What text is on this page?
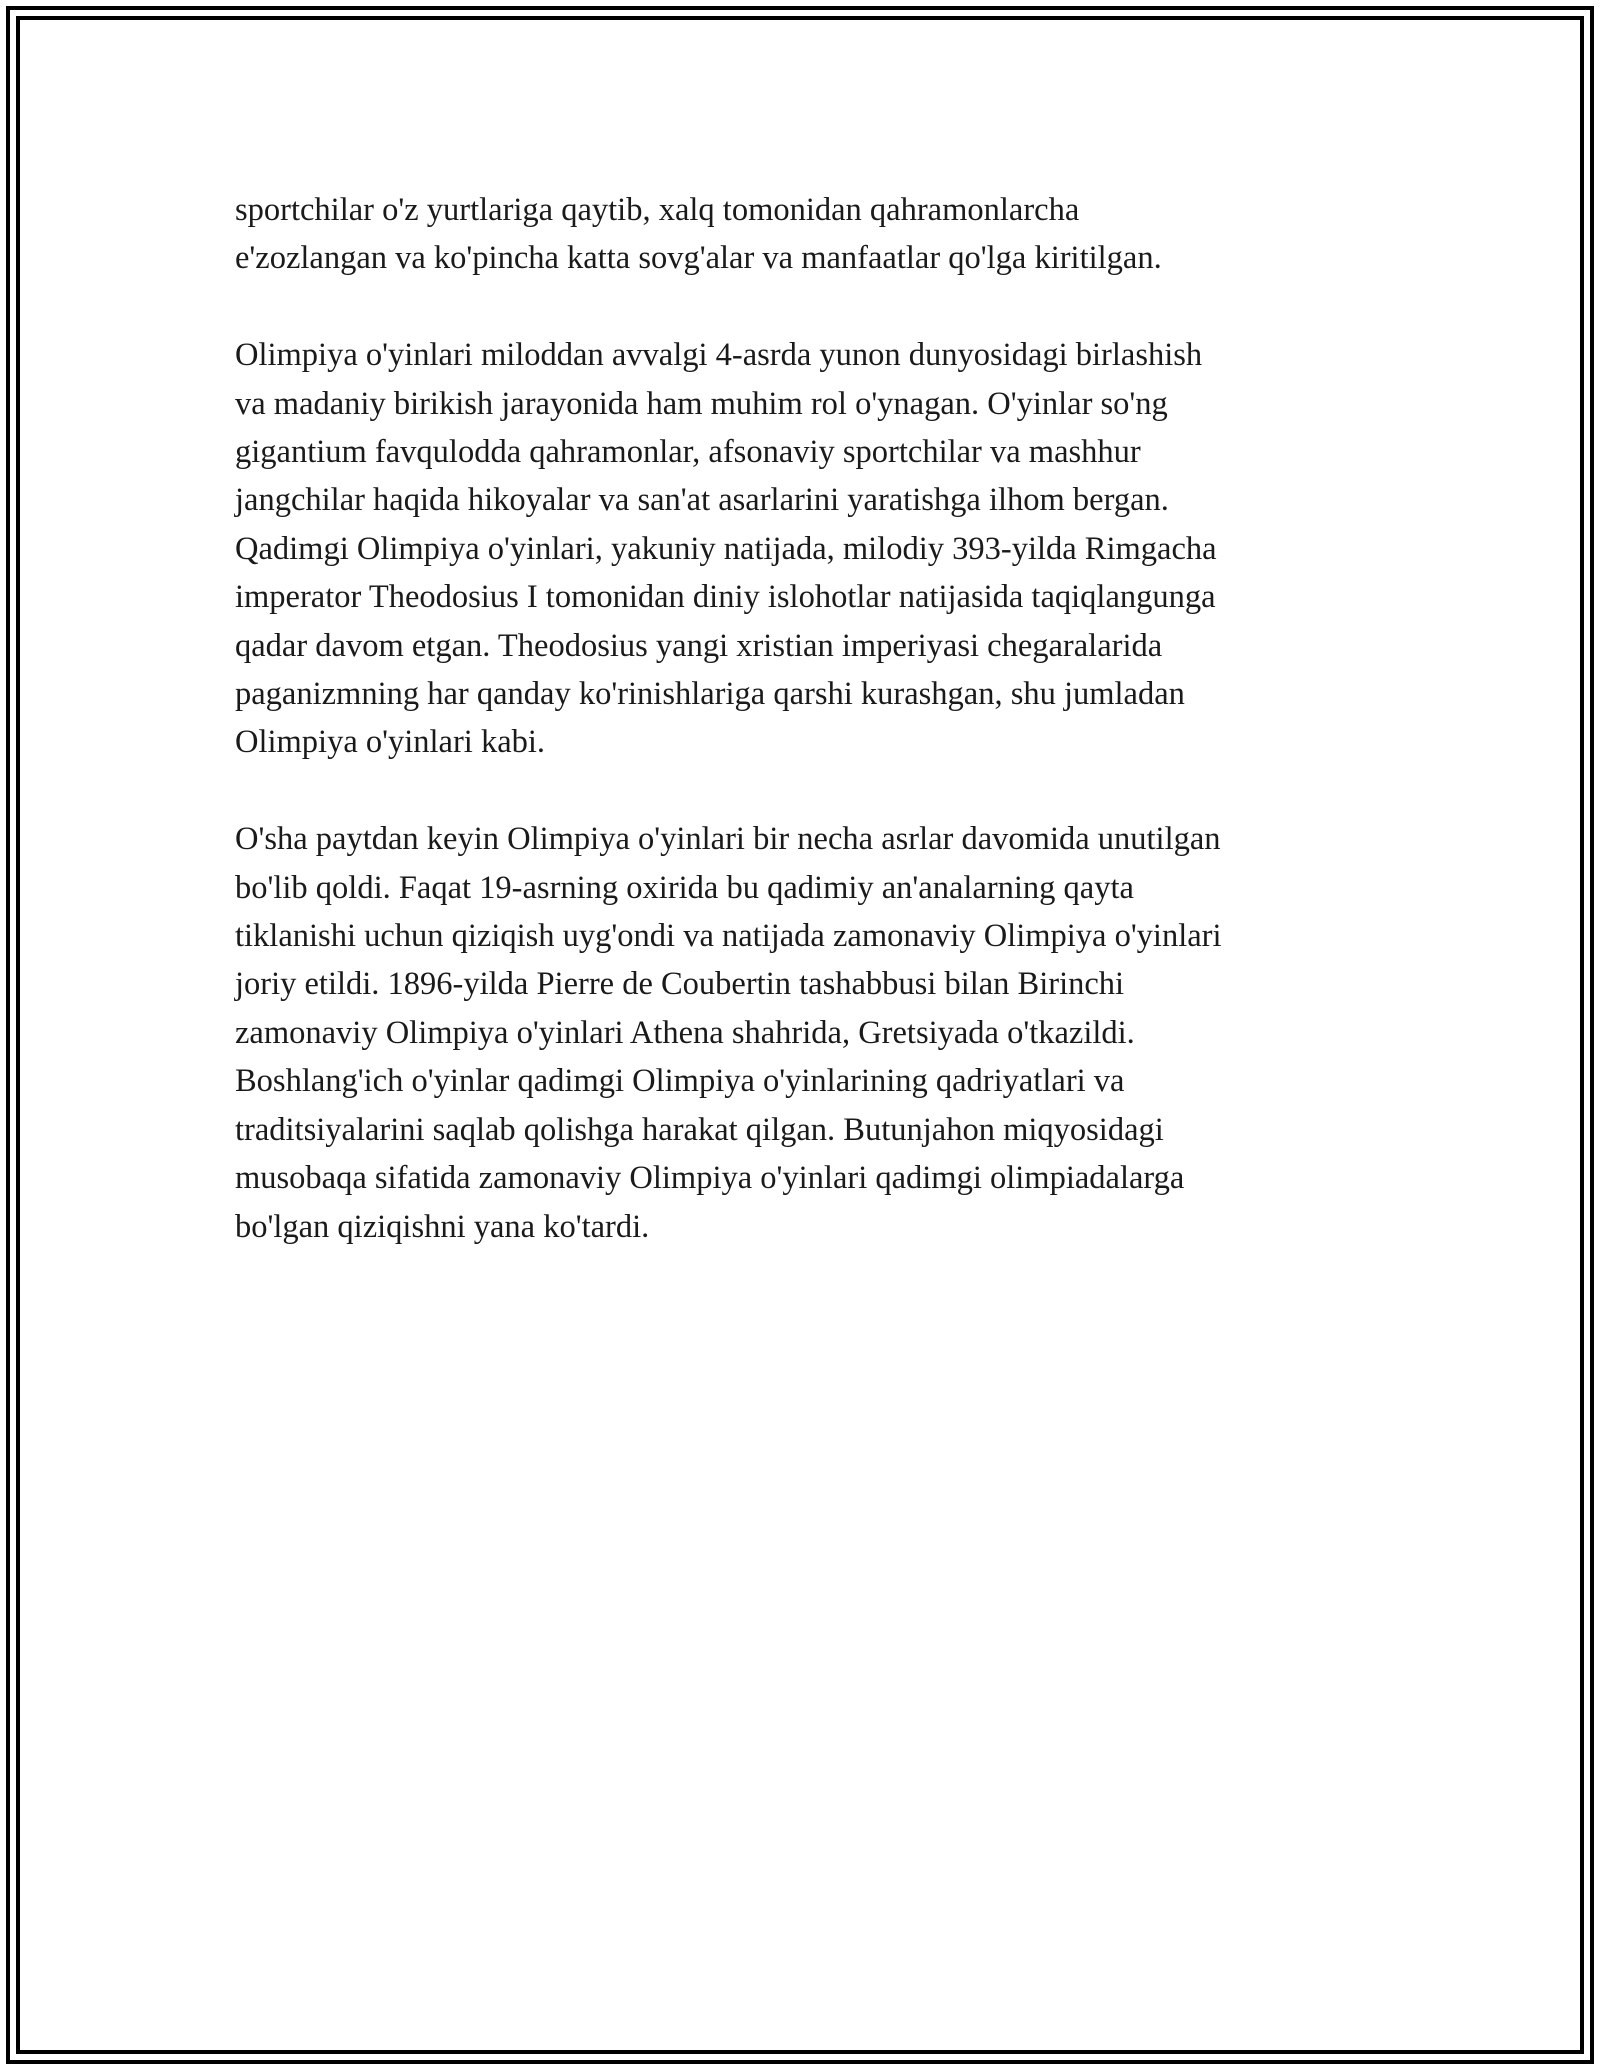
sportchilar o'z yurtlariga qaytib, xalq tomonidan qahramonlarcha
e'zozlangan va ko'pincha katta sovg'alar va manfaatlar qo'lga kiritilgan.

Olimpiya o'yinlari miloddan avvalgi 4-asrda yunon dunyosidagi birlashish
va madaniy birikish jarayonida ham muhim rol o'ynagan. O'yinlar so'ng
gigantium favqulodda qahramonlar, afsonaviy sportchilar va mashhur
jangchilar haqida hikoyalar va san'at asarlarini yaratishga ilhom bergan.
Qadimgi Olimpiya o'yinlari, yakuniy natijada, milodiy 393-yilda Rimgacha
imperator Theodosius I tomonidan diniy islohotlar natijasida taqiqlangunga
qadar davom etgan. Theodosius yangi xristian imperiyasi chegaralarida
paganizmning har qanday ko'rinishlariga qarshi kurashgan, shu jumladan
Olimpiya o'yinlari kabi.

O'sha paytdan keyin Olimpiya o'yinlari bir necha asrlar davomida unutilgan
bo'lib qoldi. Faqat 19-asrning oxirida bu qadimiy an'analarning qayta
tiklanishi uchun qiziqish uyg'ondi va natijada zamonaviy Olimpiya o'yinlari
joriy etildi. 1896-yilda Pierre de Coubertin tashabbusi bilan Birinchi
zamonaviy Olimpiya o'yinlari Athena shahrida, Gretsiyada o'tkazildi.
Boshlang'ich o'yinlar qadimgi Olimpiya o'yinlarining qadriyatlari va
traditsiyalarini saqlab qolishga harakat qilgan. Butunjahon miqyosidagi
musobaqa sifatida zamonaviy Olimpiya o'yinlari qadimgi olimpiadalarga
bo'lgan qiziqishni yana ko'tardi.
